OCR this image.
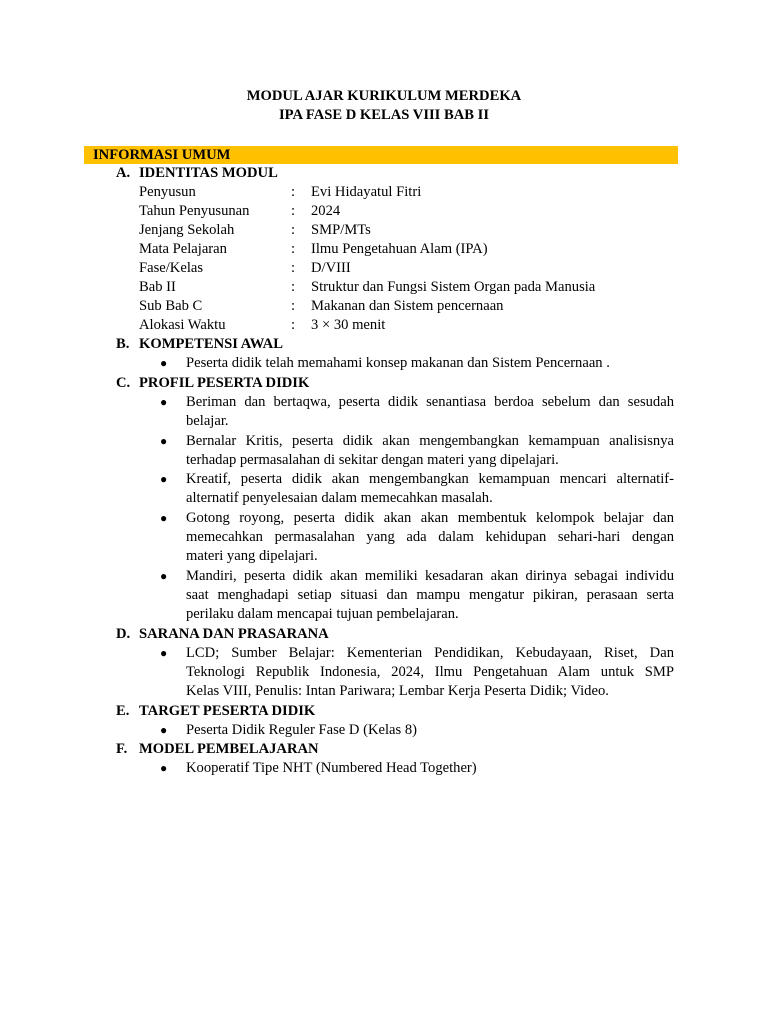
MODUL AJAR KURIKULUM MERDEKA
IPA FASE D KELAS VIII BAB II
INFORMASI UMUM
A. IDENTITAS MODUL
Penyusun	: Evi Hidayatul Fitri
Tahun Penyusunan	: 2024
Jenjang Sekolah	: SMP/MTs
Mata Pelajaran	: Ilmu Pengetahuan Alam (IPA)
Fase/Kelas	: D/VIII
Bab II	: Struktur dan Fungsi Sistem Organ pada Manusia
Sub Bab C	: Makanan dan Sistem pencernaan
Alokasi Waktu	: 3 × 30 menit
B. KOMPETENSI AWAL
● Peserta didik telah memahami konsep makanan dan Sistem Pencernaan .
C. PROFIL PESERTA DIDIK
● Beriman dan bertaqwa, peserta didik senantiasa berdoa sebelum dan sesudah
belajar.
● Bernalar Kritis, peserta didik akan mengembangkan kemampuan analisisnya
terhadap permasalahan di sekitar dengan materi yang dipelajari.
● Kreatif, peserta didik akan mengembangkan kemampuan mencari alternatif-
alternatif penyelesaian dalam memecahkan masalah.
● Gotong royong, peserta didik akan akan membentuk kelompok belajar dan
memecahkan permasalahan yang ada dalam kehidupan sehari-hari dengan
materi yang dipelajari.
● Mandiri, peserta didik akan memiliki kesadaran akan dirinya sebagai individu
saat menghadapi setiap situasi dan mampu mengatur pikiran, perasaan serta
perilaku dalam mencapai tujuan pembelajaran.
D. SARANA DAN PRASARANA
● LCD; Sumber Belajar: Kementerian Pendidikan, Kebudayaan, Riset, Dan
Teknologi Republik Indonesia, 2024, Ilmu Pengetahuan Alam untuk SMP
Kelas VIII, Penulis: Intan Pariwara; Lembar Kerja Peserta Didik; Video.
E. TARGET PESERTA DIDIK
● Peserta Didik Reguler Fase D (Kelas 8)
F. MODEL PEMBELAJARAN
● Kooperatif Tipe NHT (Numbered Head Together)
